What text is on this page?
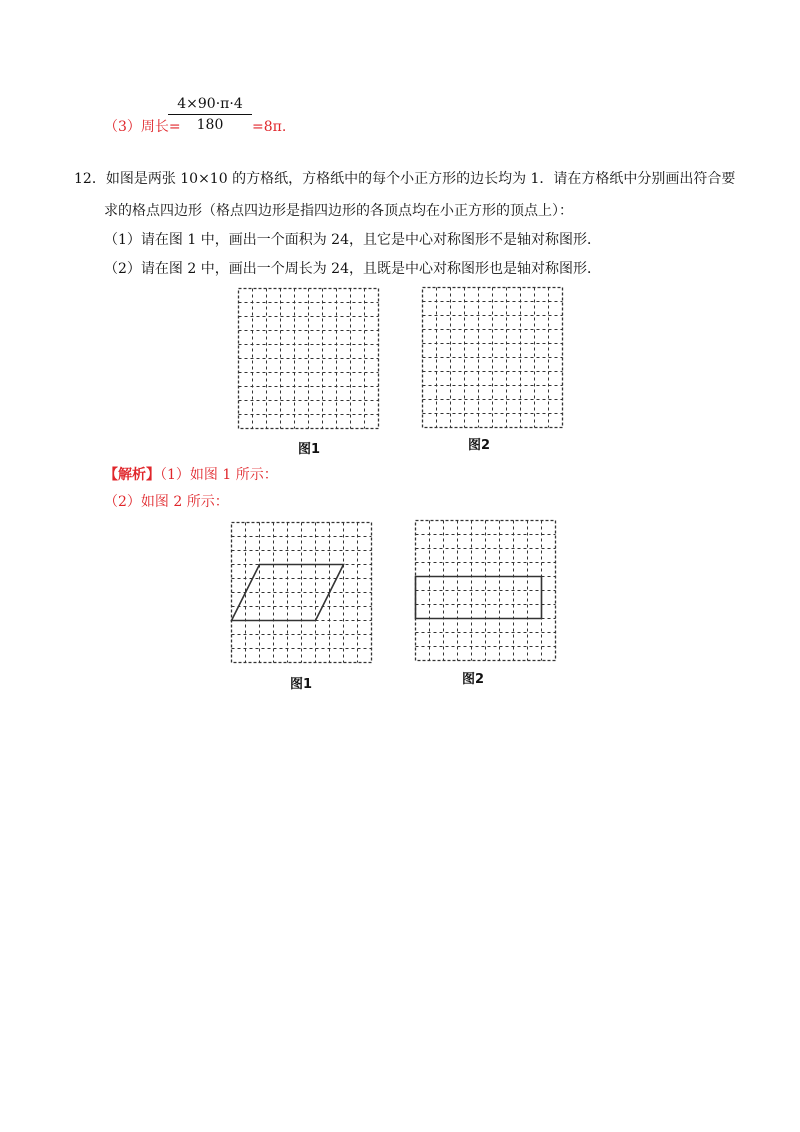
4×90·π·4
180
（3）周长=	=8π.
12．如图是两张 10×10 的方格纸，方格纸中的每个小正方形的边长均为 1．请在方格纸中分别画出符合要
求的格点四边形（格点四边形是指四边形的各顶点均在小正方形的顶点上）：
（1）请在图 1 中，画出一个面积为 24，且它是中心对称图形不是轴对称图形．
（2）请在图 2 中，画出一个周长为 24，且既是中心对称图形也是轴对称图形．
图1	图2
【解析】（1）如图 1 所示：
（2）如图 2 所示：
图1	图2
